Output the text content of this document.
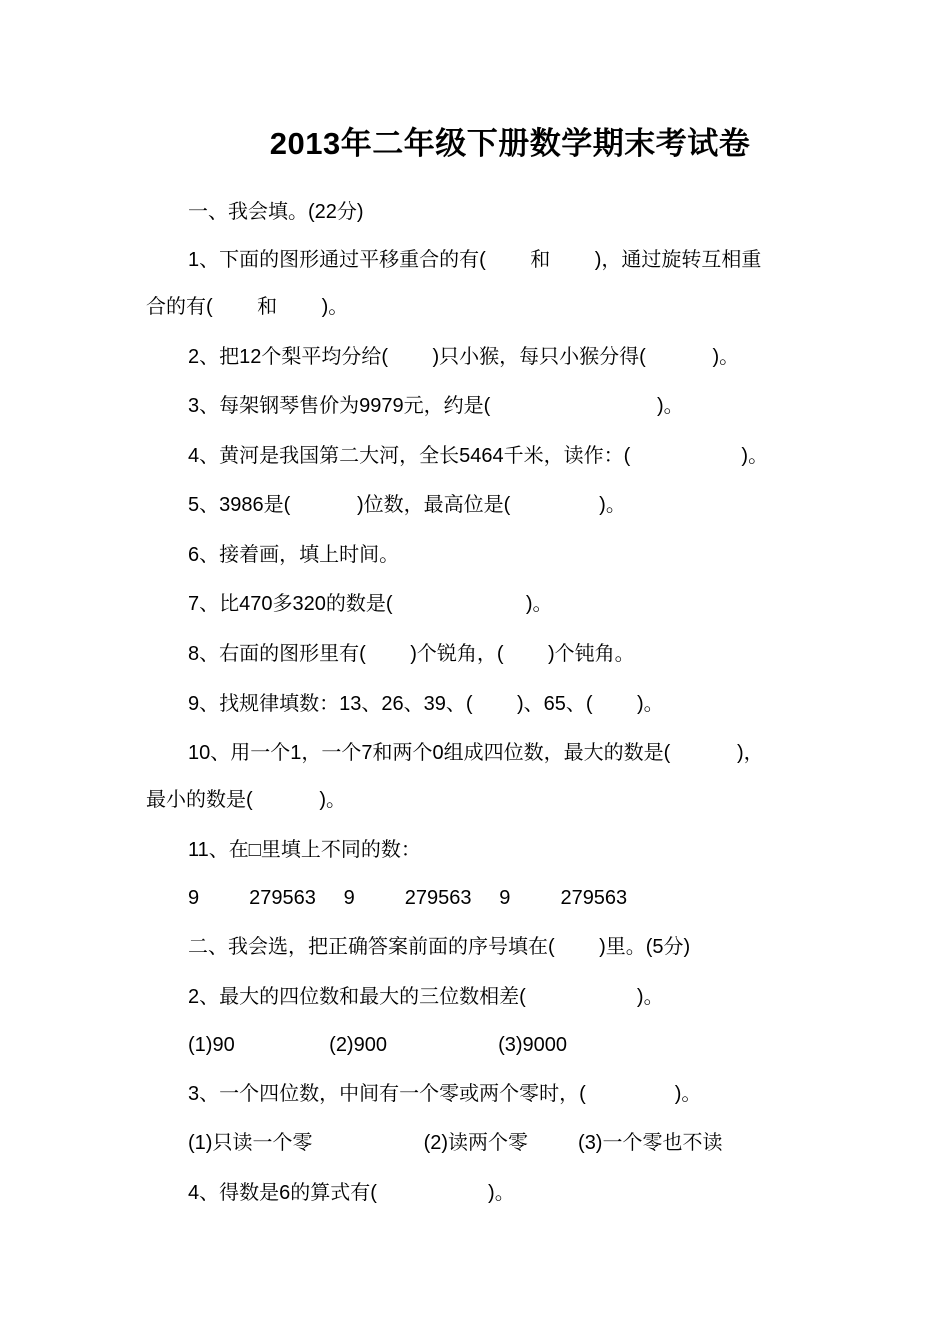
2013年二年级下册数学期末考试卷
一、我会填。(22分)
1、下面的图形通过平移重合的有(        和        )，通过旋转互相重
合的有(        和        )。
2、把12个梨平均分给(        )只小猴，每只小猴分得(            )。
3、每架钢琴售价为9979元，约是(                              )。
4、黄河是我国第二大河，全长5464千米，读作：(                    )。
5、3986是(            )位数，最高位是(                )。
6、接着画，填上时间。
7、比470多320的数是(                        )。
8、右面的图形里有(        )个锐角，(        )个钝角。
9、找规律填数：13、26、39、(        )、65、(        )。
10、用一个1，一个7和两个0组成四位数，最大的数是(            )，
最小的数是(            )。
11、在□里填上不同的数：
9         279563     9         279563     9         279563
二、我会选，把正确答案前面的序号填在(        )里。(5分)
2、最大的四位数和最大的三位数相差(                    )。
(1)90                 (2)900                    (3)9000
3、一个四位数，中间有一个零或两个零时，(                )。
(1)只读一个零                    (2)读两个零         (3)一个零也不读
4、得数是6的算式有(                    )。
